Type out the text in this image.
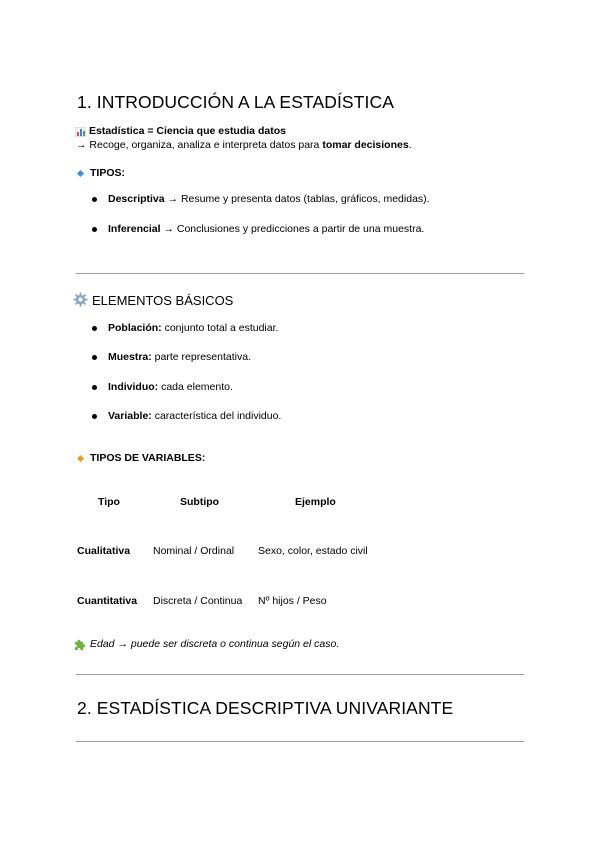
1. INTRODUCCIÓN A LA ESTADÍSTICA
Estadística = Ciencia que estudia datos
→ Recoge, organiza, analiza e interpreta datos para tomar decisiones.
TIPOS:
Descriptiva → Resume y presenta datos (tablas, gráficos, medidas).
Inferencial → Conclusiones y predicciones a partir de una muestra.
ELEMENTOS BÁSICOS
Población: conjunto total a estudiar.
Muestra: parte representativa.
Individuo: cada elemento.
Variable: característica del individuo.
TIPOS DE VARIABLES:
Tipo	Subtipo	Ejemplo
Cualitativa Nominal / Ordinal Sexo, color, estado civil
Cuantitativa Discreta / Continua Nº hijos / Peso
Edad → puede ser discreta o continua según el caso.
2. ESTADÍSTICA DESCRIPTIVA UNIVARIANTE
